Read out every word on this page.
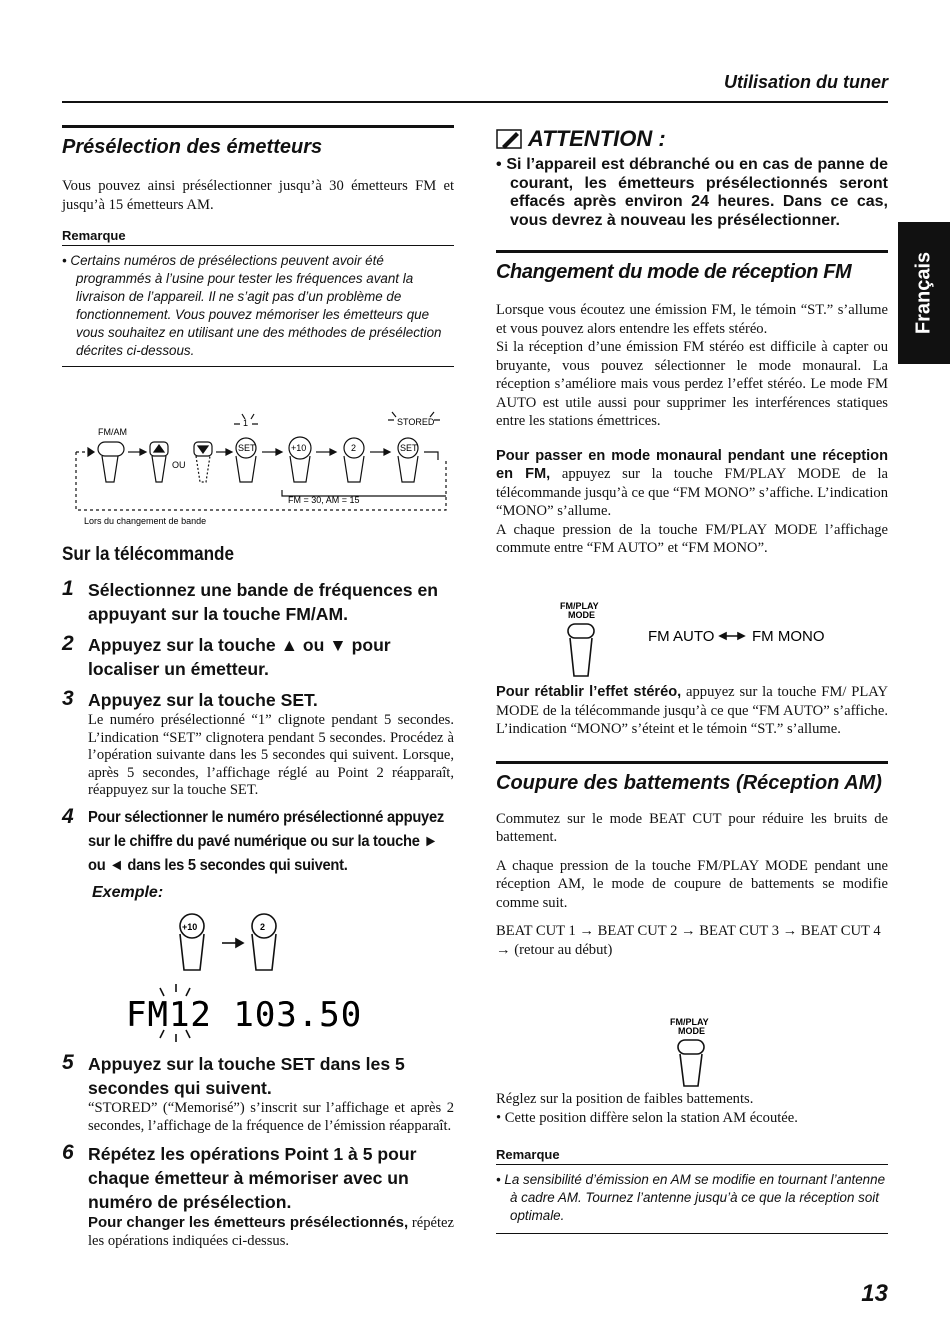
Utilisation du tuner
Français
Présélection des émetteurs

Vous pouvez ainsi présélectionner jusqu’à 30 émetteurs FM et jusqu’à 15 émetteurs AM.

Remarque
• Certains numéros de présélections peuvent avoir été programmés à l’usine pour tester les fréquences avant la livraison de l’appareil. Il ne s’agit pas d’un problème de fonctionnement. Vous pouvez mémoriser les émetteurs que vous souhaitez en utilisant une des méthodes de présélection décrites ci-dessous.
FM/AM
OU
1	STORED
SET	+10	2	SET
FM = 30, AM = 15
Lors du changement de bande
Sur la télécommande
1 Sélectionnez une bande de fréquences en appuyant sur la touche FM/AM.
2 Appuyez sur la touche ▲ ou ▼ pour localiser un émetteur.
3 Appuyez sur la touche SET.

Le numéro présélectionné “1” clignote pendant 5 secondes. L’indication “SET” clignotera pendant 5 secondes. Procédez à l’opération suivante dans les 5 secondes qui suivent. Lorsque, après 5 secondes, l’affichage réglé au Point 2 réapparaît, réappuyez sur la touche SET.

4 Pour sélectionner le numéro présélectionné appuyez sur le chiffre du pavé numérique ou sur la touche ► ou ◄ dans les 5 secondes qui suivent.
Exemple:
+10	2
FM12 103.50
5 Appuyez sur la touche SET dans les 5 secondes qui suivent.

“STORED” (“Memorisé”) s’inscrit sur l’affichage et après 2 secondes, l’affichage de la fréquence de l’émission réapparaît.

6 Répétez les opérations Point 1 à 5 pour chaque émetteur à mémoriser avec un numéro de présélection.

Pour changer les émetteurs présélectionnés, répétez les opérations indiquées ci-dessus.

ATTENTION :
• Si l’appareil est débranché ou en cas de panne de courant, les émetteurs présélectionnés seront effacés après environ 24 heures. Dans ce cas, vous devrez à nouveau les présélectionner.
Changement du mode de réception FM

Lorsque vous écoutez une émission FM, le témoin “ST.” s’allume et vous pouvez alors entendre les effets stéréo.

Si la réception d’une émission FM stéréo est difficile à capter ou bruyante, vous pouvez sélectionner le mode monaural. La réception s’améliore mais vous perdez l’effet stéréo. Le mode FM AUTO est utile aussi pour supprimer les interférences statiques entre les stations émettrices.

Pour passer en mode monaural pendant une réception en FM, appuyez sur la touche FM/PLAY MODE de la télécommande jusqu’à ce que “FM MONO” s’affiche. L’indication “MONO” s’allume.

A chaque pression de la touche FM/PLAY MODE l’affichage commute entre “FM AUTO” et “FM MONO”.

FM/PLAY
MODE
FM AUTO	FM MONO

Pour rétablir l’effet stéréo, appuyez sur la touche FM/ PLAY MODE de la télécommande jusqu’à ce que “FM AUTO” s’affiche. L’indication “MONO” s’éteint et le témoin “ST.” s’allume.

Coupure des battements (Réception AM)

Commutez sur le mode BEAT CUT pour réduire les bruits de battement.

A chaque pression de la touche FM/PLAY MODE pendant une réception AM, le mode de coupure de battements se modifie comme suit.

BEAT CUT 1 → BEAT CUT 2 → BEAT CUT 3 → BEAT CUT 4 → (retour au début)

FM/PLAY
MODE

Réglez sur la position de faibles battements.

• Cette position diffère selon la station AM écoutée.

Remarque
• La sensibilité d’émission en AM se modifie en tournant l’antenne à cadre AM. Tournez l’antenne jusqu’à ce que la réception soit optimale.
13
